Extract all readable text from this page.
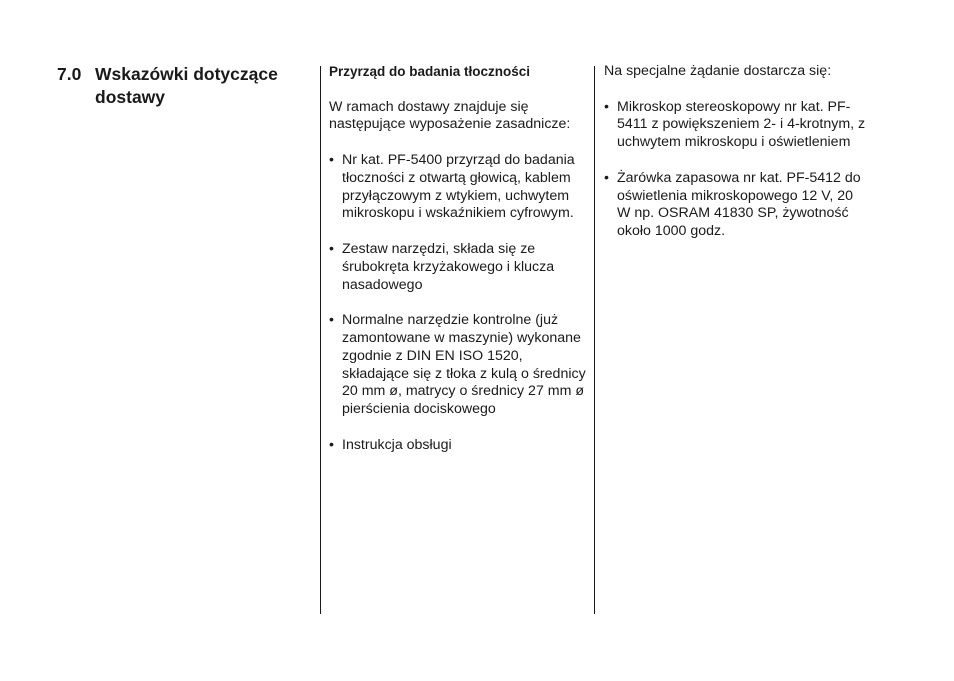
7.0 Wskazówki dotyczące dostawy

Przyrząd do badania tłoczności

W ramach dostawy znajduje się następujące wyposażenie zasadnicze:

• Nr kat. PF-5400 przyrząd do badania tłoczności z otwartą głowicą, kablem przyłączowym z wtykiem, uchwytem mikroskopu i wskaźnikiem cyfrowym.
• Zestaw narzędzi, składa się ze śrubokręta krzyżakowego i klucza nasadowego
• Normalne narzędzie kontrolne (już zamontowane w maszynie) wykonane zgodnie z DIN EN ISO 1520, składające się z tłoka z kulą o średnicy 20 mm ø, matrycy o średnicy 27 mm ø pierścienia dociskowego
• Instrukcja obsługi

Na specjalne żądanie dostarcza się:

• Mikroskop stereoskopowy nr kat. PF-5411 z powiększeniem 2- i 4-krotnym, z uchwytem mikroskopu i oświetleniem
• Żarówka zapasowa nr kat. PF-5412 do oświetlenia mikroskopowego 12 V, 20 W np. OSRAM 41830 SP, żywotność około 1000 godz.
